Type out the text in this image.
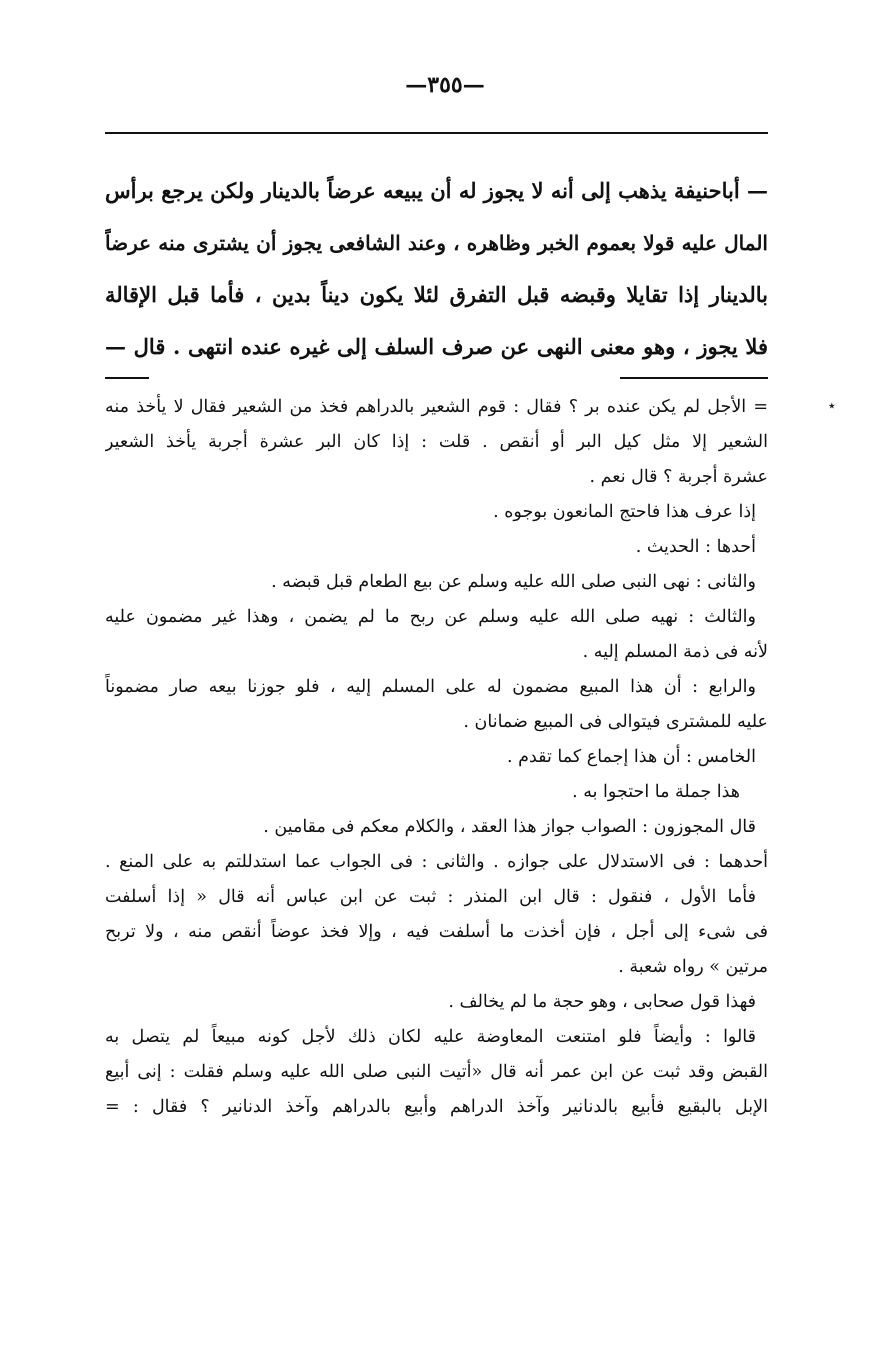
—٣٥٥—
— أباحنيفة يذهب إلى أنه لا يجوز له أن يبيعه عرضاً بالدينار ولكن يرجع برأس
المال عليه قولا بعموم الخبر وظاهره ، وعند الشافعى يجوز أن يشترى منه عرضاً
بالدينار إذا تقايلا وقبضه قبل التفرق لئلا يكون ديناً بدين ، فأما قبل الإقالة
فلا يجوز ، وهو معنى النهى عن صرف السلف إلى غيره عنده انتهى . قال —
٭
= الأجل لم يكن عنده بر ؟ فقال : قوم الشعير بالدراهم فخذ من الشعير فقال لا يأخذ منه
الشعير إلا مثل كيل البر أو أنقص . قلت : إذا كان البر عشرة أجربة يأخذ الشعير
عشرة أجربة ؟ قال نعم .
إذا عرف هذا فاحتج المانعون بوجوه .
أحدها : الحديث .
والثانى : نهى النبى صلى الله عليه وسلم عن بيع الطعام قبل قبضه .
والثالث : نهيه صلى الله عليه وسلم عن ربح ما لم يضمن ، وهذا غير مضمون عليه
لأنه فى ذمة المسلم إليه .
والرابع : أن هذا المبيع مضمون له على المسلم إليه ، فلو جوزنا بيعه صار مضموناً
عليه للمشترى فيتوالى فى المبيع ضمانان .
الخامس : أن هذا إجماع كما تقدم .
هذا جملة ما احتجوا به .
قال المجوزون : الصواب جواز هذا العقد ، والكلام معكم فى مقامين .
أحدهما : فى الاستدلال على جوازه . والثانى : فى الجواب عما استدللتم به على المنع .
فأما الأول ، فنقول : قال ابن المنذر : ثبت عن ابن عباس أنه قال « إذا أسلفت
فى شىء إلى أجل ، فإن أخذت ما أسلفت فيه ، وإلا فخذ عوضاً أنقص منه ، ولا تربح
مرتين » رواه شعبة .
فهذا قول صحابى ، وهو حجة ما لم يخالف .
قالوا : وأيضاً فلو امتنعت المعاوضة عليه لكان ذلك لأجل كونه مبيعاً لم يتصل به
القبض وقد ثبت عن ابن عمر أنه قال «أتيت النبى صلى الله عليه وسلم فقلت : إنى أبيع
الإبل بالبقيع فأبيع بالدنانير وآخذ الدراهم وأبيع بالدراهم وآخذ الدنانير ؟ فقال : =
